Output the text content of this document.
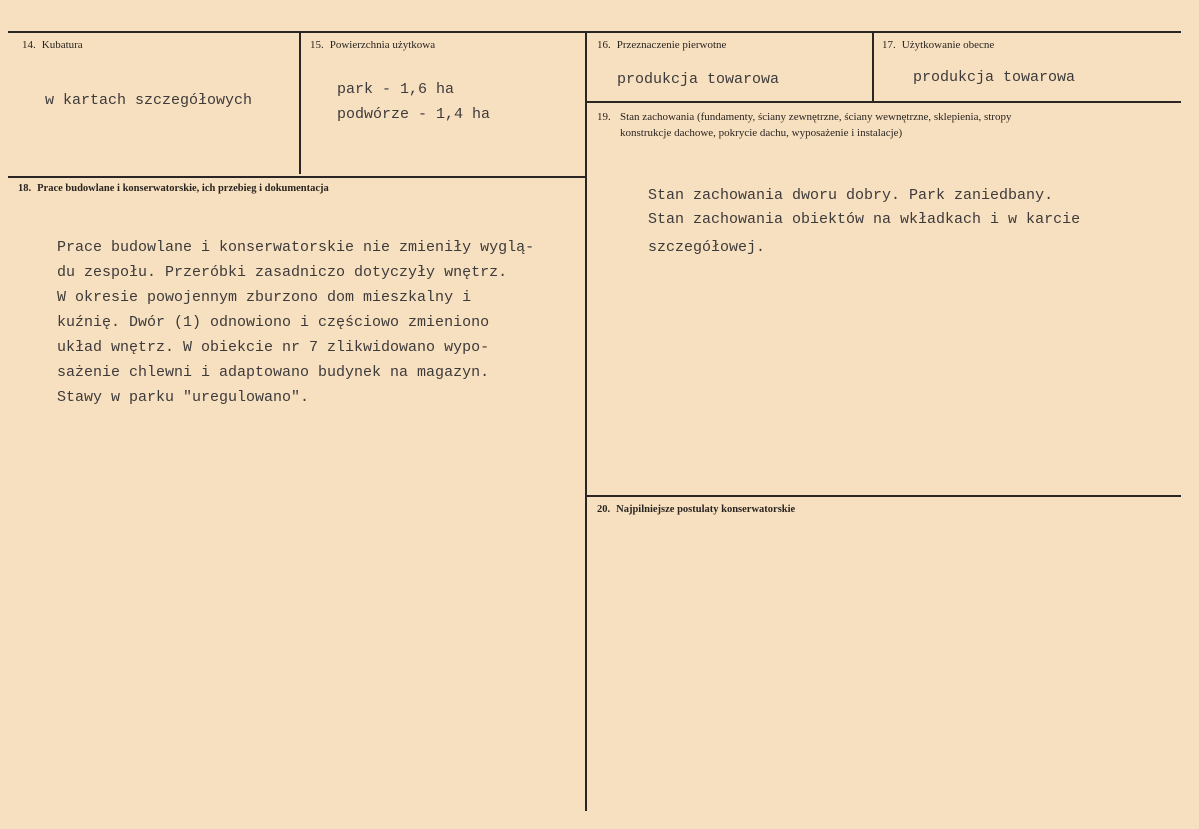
14. Kubatura
w kartach szczegółowych
15. Powierzchnia użytkowa
park - 1,6 ha
podwórze - 1,4 ha
16. Przeznaczenie pierwotne
produkcja towarowa
17. Użytkowanie obecne
produkcja towarowa
18. Prace budowlane i konserwatorskie, ich przebieg i dokumentacja
Prace budowlane i konserwatorskie nie zmieniły wyglą-
du zespołu. Przeróbki zasadniczo dotyczyły wnętrz.
W okresie powojennym zburzono dom mieszkalny i
kuźnię. Dwór (1) odnowiono i częściowo zmieniono
układ wnętrz. W obiekcie nr 7 zlikwidowano wypo-
sażenie chlewni i adaptowano budynek na magazyn.
Stawy w parku "uregulowano".
19. Stan zachowania (fundamenty, ściany zewnętrzne, ściany wewnętrzne, sklepienia, stropy
konstrukcje dachowe, pokrycie dachu, wyposażenie i instalacje)
Stan zachowania dworu dobry. Park zaniedbany.
Stan zachowania obiektów na wkładkach i w karcie
szczegółowej.
20. Najpilniejsze postulaty konserwatorskie
